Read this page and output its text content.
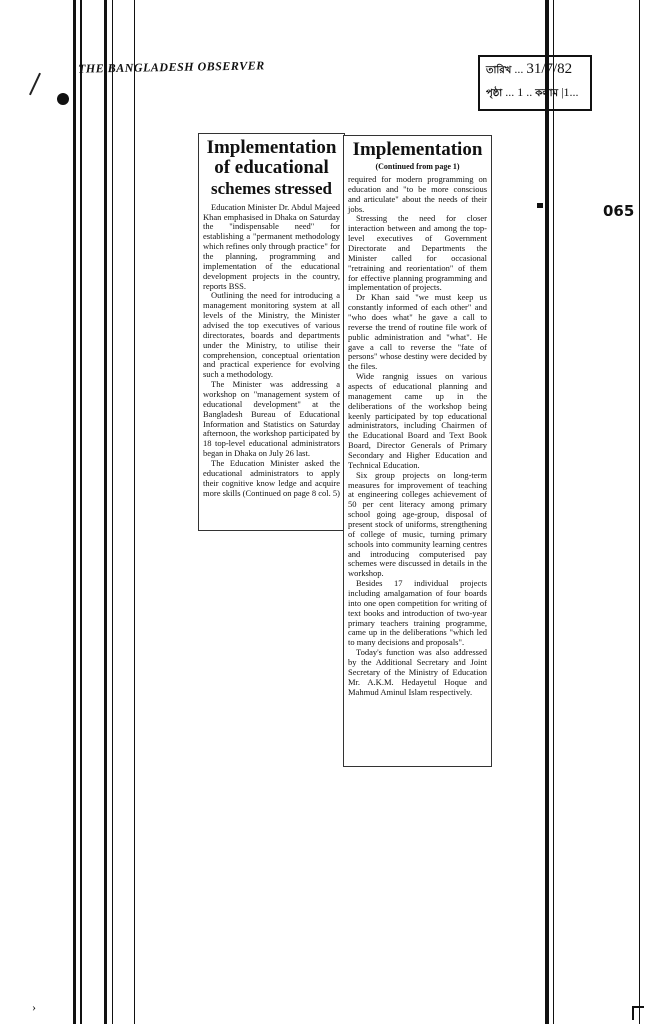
THE BANGLADESH OBSERVER	তারিখ ... 31/7/82
পৃষ্ঠা ... 1 .. কলাম |1...
065
Implementation
of educational
schemes stressed

Education Minister Dr. Abdul Majeed Khan emphasised in Dhaka on Saturday the "indispensable need" for establishing a "permanent methodology which refines only through practice" for the planning, programming and implementation of the educational development projects in the country, reports BSS.

Outlining the need for introducing a management monitoring system at all levels of the Ministry, the Minister advised the top executives of various directorates, boards and departments under the Ministry, to utilise their comprehension, conceptual orientation and practical experience for evolving such a methodology.

The Minister was addressing a workshop on "management system of educational development" at the Bangladesh Bureau of Educational Information and Statistics on Saturday afternoon, the workshop participated by 18 top-level educational administrators began in Dhaka on July 26 last.

The Education Minister asked the educational administrators to apply their cognitive know ledge and acquire more skills (Continued on page 8 col. 5)

Implementation
(Continued from page 1)

required for modern programming on education and "to be more conscious and articulate" about the needs of their jobs.

Stressing the need for closer interaction between and among the top-level executives of Government Directorate and Departments the Minister called for occasional "retraining and reorientation" of them for effective planning programming and implementation of projects.

Dr Khan said "we must keep us constantly informed of each other" and "who does what" he gave a call to reverse the trend of routine file work of public administration and "what". He gave a call to reverse the "fate of persons" whose destiny were decided by the files.

Wide rangnig issues on various aspects of educational planning and management came up in the deliberations of the workshop being keenly participated by top educational administrators, including Chairmen of the Educational Board and Text Book Board, Director Generals of Primary Secondary and Higher Education and Technical Education.

Six group projects on long-term measures for improvement of teaching at engineering colleges achievement of 50 per cent literacy among primary school going age-group, disposal of present stock of uniforms, strengthening of college of music, turning primary schools into community learning centres and introducing computerised pay schemes were discussed in details in the workshop.

Besides 17 individual projects including amalgamation of four boards into one open competition for writing of text books and introduction of two-year primary teachers training programme, came up in the deliberations "which led to many decisions and proposals".

Today's function was also addressed by the Additional Secretary and Joint Secretary of the Ministry of Education Mr. A.K.M. Hedayetul Hoque and Mahmud Aminul Islam respectively.

›
